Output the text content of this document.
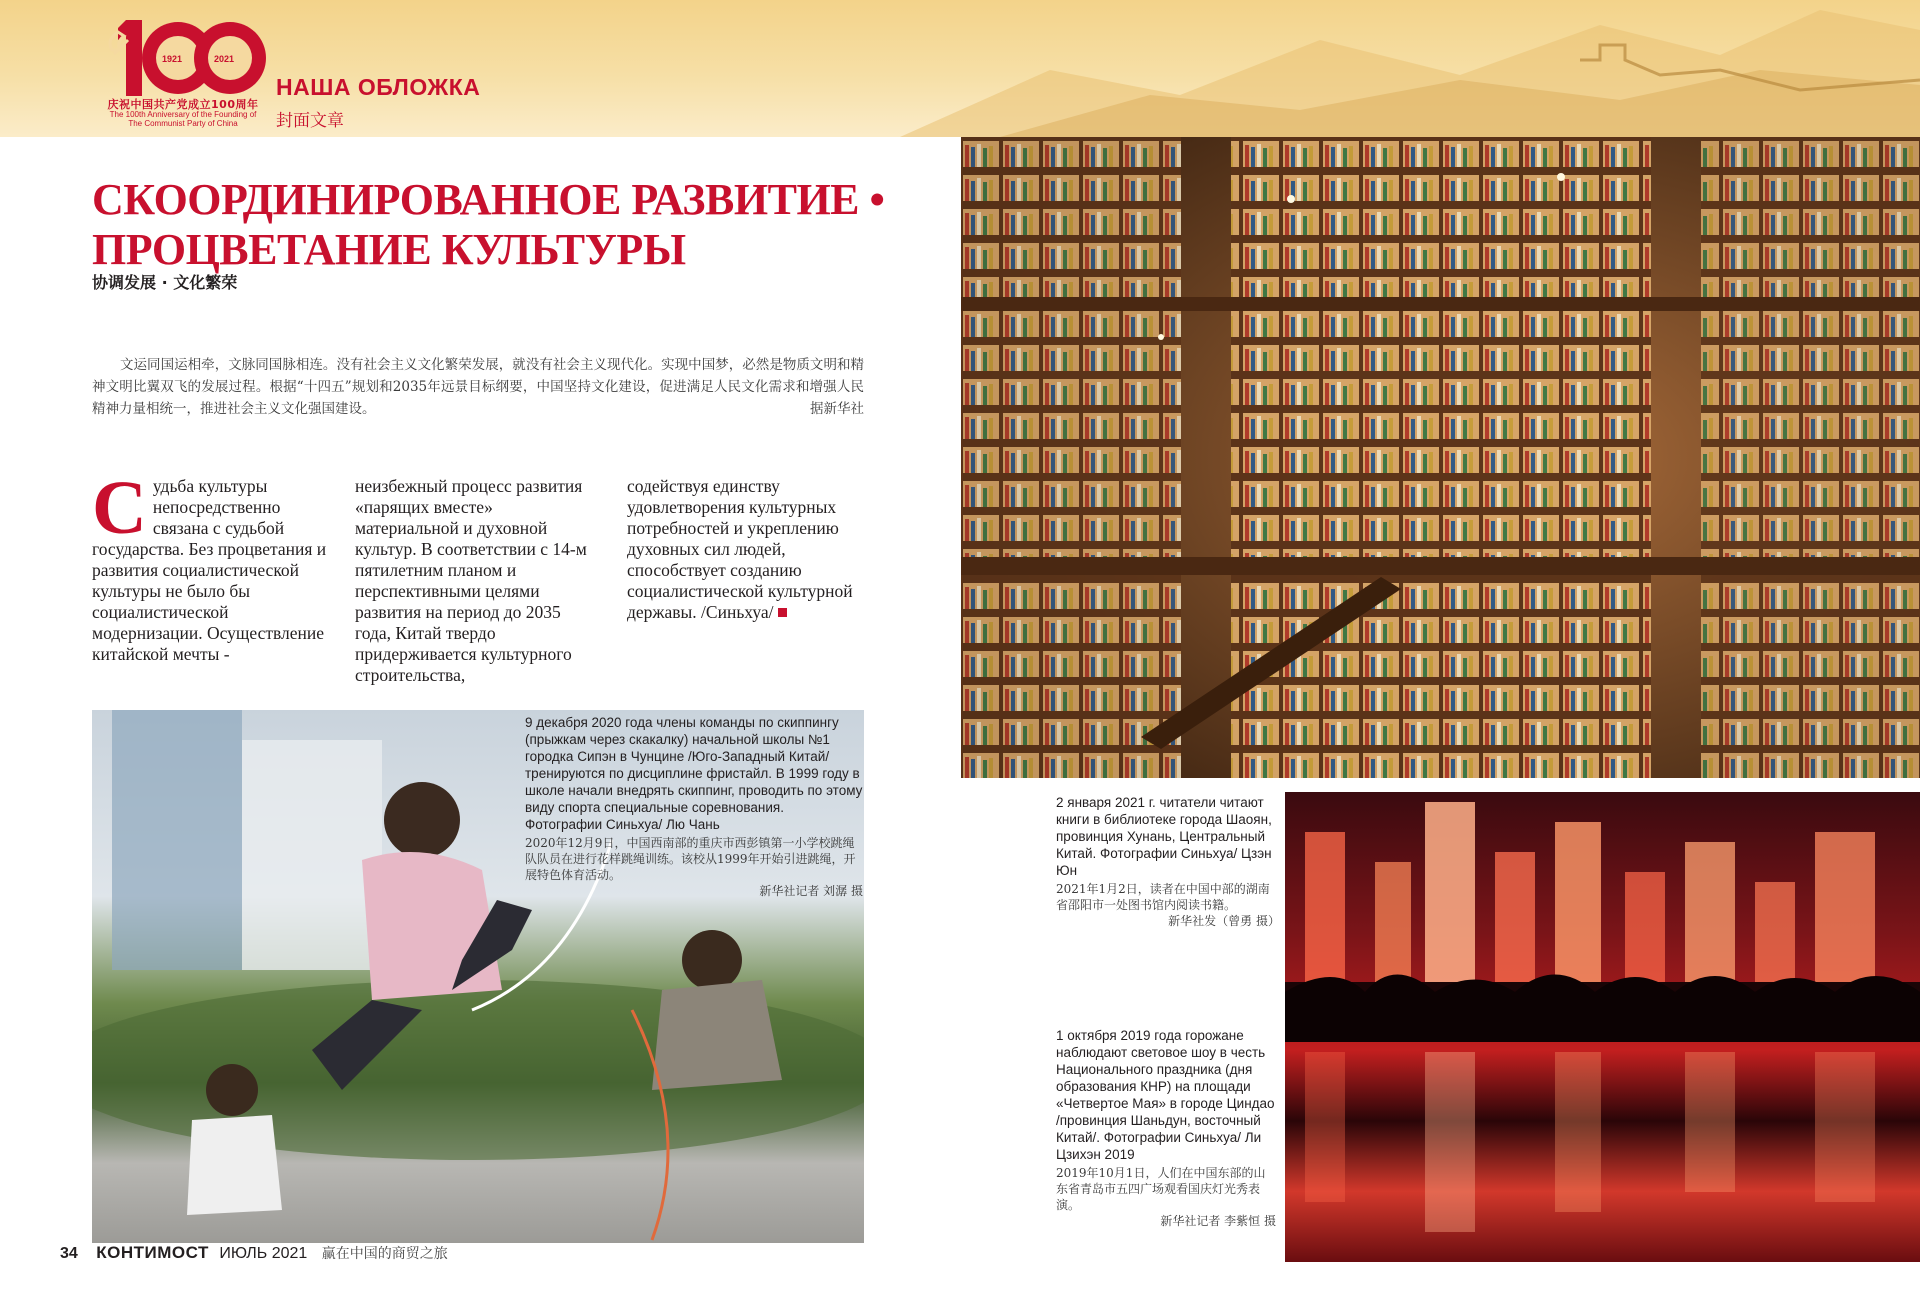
1921	2021
庆祝中国共产党成立100周年
The 100th Anniversary of the Founding of
The Communist Party of China
НАША ОБЛОЖКА
封面文章
СКООРДИНИРОВАННОЕ РАЗВИТИЕ •
ПРОЦВЕТАНИЕ КУЛЬТУРЫ
协调发展 · 文化繁荣
文运同国运相牵，文脉同国脉相连。没有社会主义文化繁荣发展，就没有社会主义现代化。实现中国梦，必然是物质文明和精神文明比翼双飞的发展过程。根据“十四五”规划和2035年远景目标纲要，中国坚持文化建设，促进满足人民文化需求和增强人民精神力量相统一，推进社会主义文化强国建设。	据新华社
С удьба культуры непосредственно связана с судьбой государства. Без процветания и развития социалистической культуры не было бы социалистической модернизации. Осуществление китайской мечты -
неизбежный процесс развития «парящих вместе» материальной и духовной культур. В соответствии с 14-м пятилетним планом и перспективными целями развития на период до 2035 года, Китай твердо придерживается культурного строительства,
содействуя единству удовлетворения культурных потребностей и укреплению духовных сил людей, способствует созданию социалистической культурной державы. /Синьхуа/
9 декабря 2020 года члены команды по скиппингу (прыжкам через скакалку) начальной школы №1 городка Сипэн в Чунцине /Юго-Западный Китай/ тренируются по дисциплине фристайл. В 1999 году в школе начали внедрять скиппинг, проводить по этому виду спорта специальные соревнования. Фотографии Синьхуа/ Лю Чань
2020年12月9日，中国西南部的重庆市西彭镇第一小学校跳绳队队员在进行花样跳绳训练。该校从1999年开始引进跳绳，开展特色体育活动。
新华社记者 刘潺 摄
2 января 2021 г. читатели читают книги в библиотеке города Шаоян, провинция Хунань, Центральный Китай. Фотографии Синьхуа/ Цзэн Юн
2021年1月2日，读者在中国中部的湖南省邵阳市一处图书馆内阅读书籍。
新华社发（曾勇 摄）
1 октября 2019 года горожане наблюдают световое шоу в честь Национального праздника (дня образования КНР) на площади «Четвертое Мая» в городе Циндао /провинция Шаньдун, восточный Китай/. Фотографии Синьхуа/ Ли Цзихэн 2019
2019年10月1日，人们在中国东部的山东省青岛市五四广场观看国庆灯光秀表演。
新华社记者 李紫恒 摄
34 КОНТИМОСТ ИЮЛЬ 2021 赢在中国的商贸之旅
